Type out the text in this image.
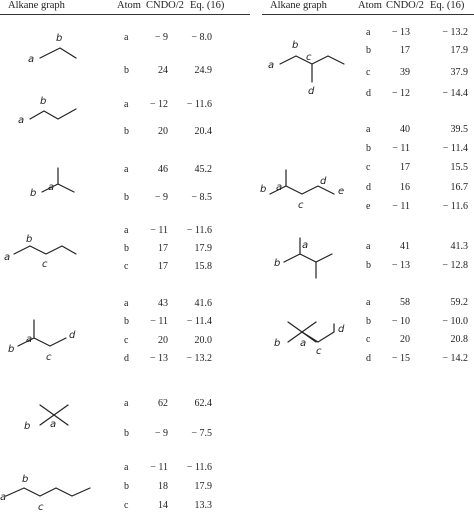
Alkane graph	Atom CNDO/2 Eq. (16)	Alkane graph	Atom CNDO/2 Eq. (16)
a	− 9	− 8.0
b	24	24.9
a	− 12	− 11.6
b	20	20.4
a	46	45.2
b	− 9	− 8.5
a	− 11	− 11.6
b	17	17.9
c	17	15.8
a	43	41.6
b	− 11	− 11.4
c	20	20.0
d	− 13	− 13.2
a	62	62.4
b	− 9	− 7.5
a	− 11	− 11.6
b	18	17.9
c	14	13.3
a	− 13	− 13.2
b	17	17.9
c	39	37.9
d	− 12	− 14.4
a	40	39.5
b	− 11	− 11.4
c	17	15.5
d	16	16.7
e	− 11	− 11.6
a	41	41.3
b	− 13	− 12.8
a	58	59.2
b	− 10	− 10.0
c	20	20.8
d	− 15	− 14.2
a
b
a
b
b
a
a
b
c
b
a
c
d
b a
a
b
c
a
b
c
d
b a
c
d
e
b
a
b a
c
d
